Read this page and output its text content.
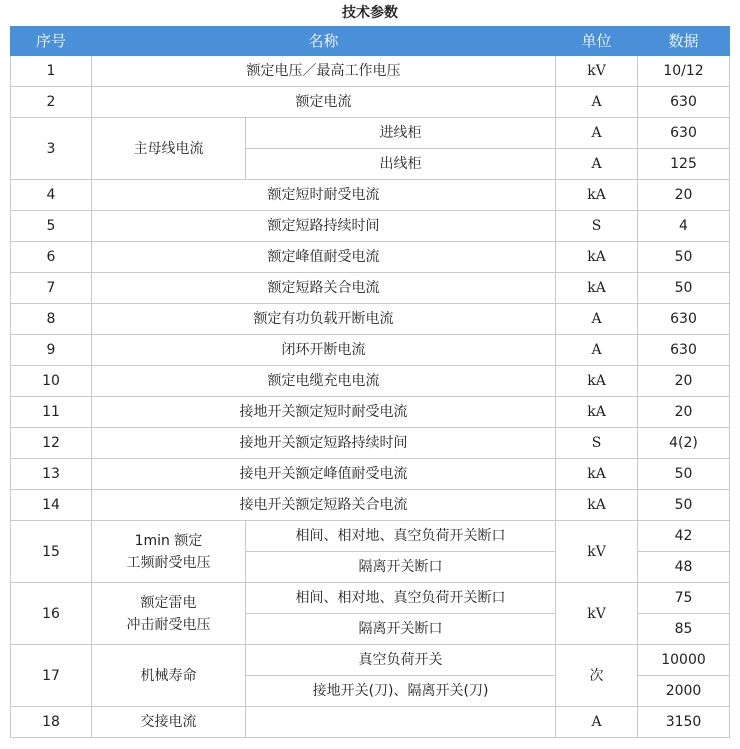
技术参数
序号	名称		单位	数据
1	额定电压／最高工作电压		kV	10/12
2	额定电流		A	630
3	主母线电流	进线柜	A	630
		出线柜	A	125
4	额定短时耐受电流		kA	20
5	额定短路持续时间		S	4
6	额定峰值耐受电流		kA	50
7	额定短路关合电流		kA	50
8	额定有功负载开断电流		A	630
9	闭环开断电流		A	630
10	额定电缆充电电流		kA	20
11	接地开关额定短时耐受电流		kA	20
12	接地开关额定短路持续时间		S	4(2)
13	接电开关额定峰值耐受电流		kA	50
14	接电开关额定短路关合电流		kA	50
15	1min 额定
工频耐受电压	相间、相对地、真空负荷开关断口	kV	42
		隔离开关断口		48
16	额定雷电
冲击耐受电压	相间、相对地、真空负荷开关断口	kV	75
		隔离开关断口		85
17	机械寿命	真空负荷开关	次	10000
		接地开关(刀)、隔离开关(刀)		2000
18	交接电流		A	3150
